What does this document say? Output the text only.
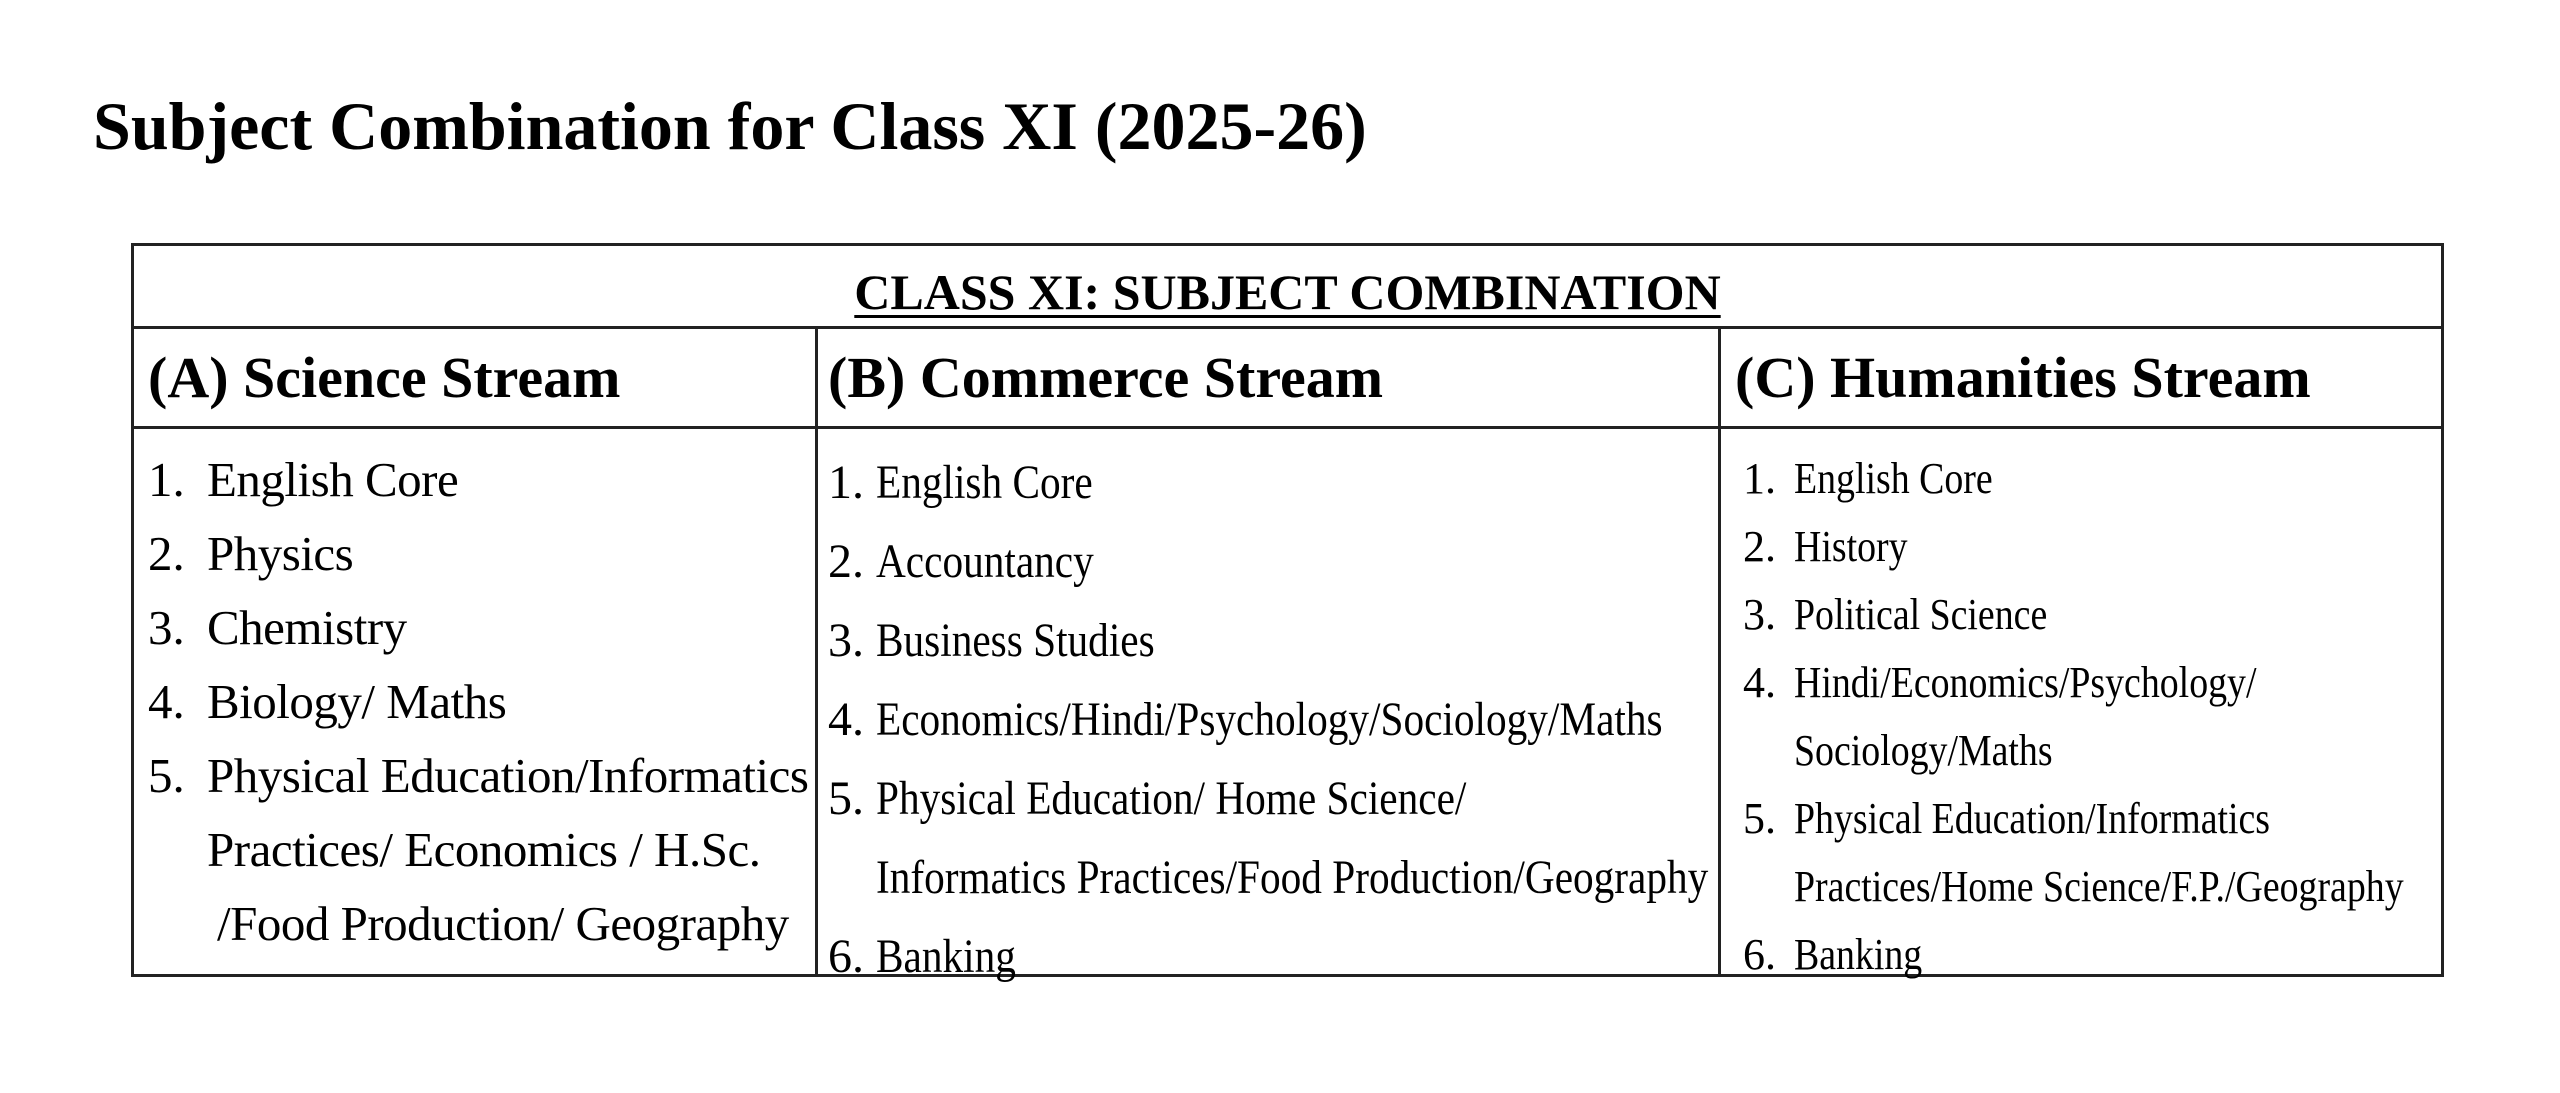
Subject Combination for Class XI (2025-26)
CLASS XI: SUBJECT COMBINATION
(A) Science Stream
1. English Core
2. Physics
3. Chemistry
4. Biology/ Maths
5. Physical Education/Informatics
Practices/ Economics / H.Sc.
/Food Production/ Geography
(B) Commerce Stream
1. English Core
2. Accountancy
3. Business Studies
4. Economics/Hindi/Psychology/Sociology/Maths
5. Physical Education/ Home Science/
Informatics Practices/Food Production/Geography
6. Banking
(C) Humanities Stream
1. English Core
2. History
3. Political Science
4. Hindi/Economics/Psychology/
Sociology/Maths
5. Physical Education/Informatics
Practices/Home Science/F.P./Geography
6. Banking
